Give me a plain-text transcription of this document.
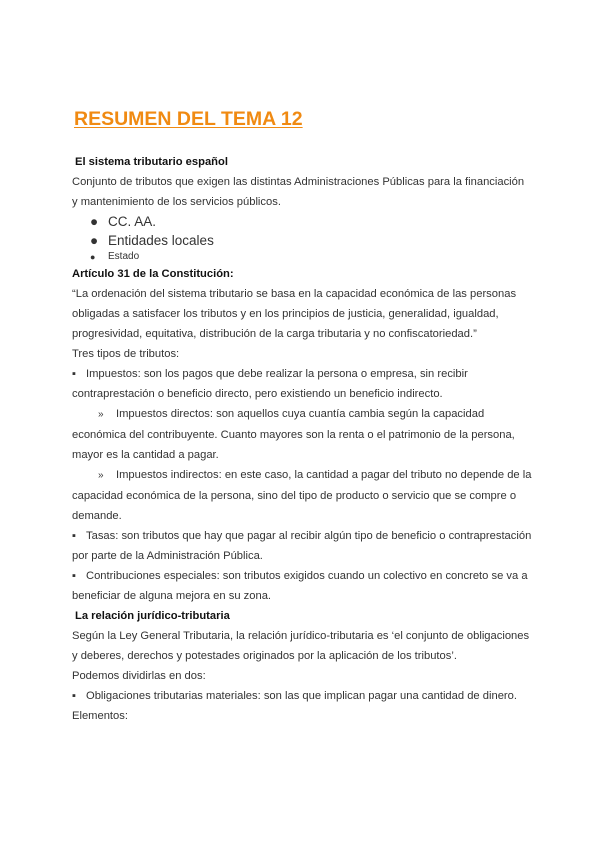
RESUMEN DEL TEMA 12

El sistema tributario español

Conjunto de tributos que exigen las distintas Administraciones Públicas para la financiación y mantenimiento de los servicios públicos.

● CC. AA.
● Entidades locales
● Estado

Artículo 31 de la Constitución:

“La ordenación del sistema tributario se basa en la capacidad económica de las personas obligadas a satisfacer los tributos y en los principios de justicia, generalidad, igualdad, progresividad, equitativa, distribución de la carga tributaria y no confiscatoriedad.”

Tres tipos de tributos:

▪ Impuestos: son los pagos que debe realizar la persona o empresa, sin recibir contraprestación o beneficio directo, pero existiendo un beneficio indirecto.

» Impuestos directos: son aquellos cuya cuantía cambia según la capacidad económica del contribuyente. Cuanto mayores son la renta o el patrimonio de la persona, mayor es la cantidad a pagar.

» Impuestos indirectos: en este caso, la cantidad a pagar del tributo no depende de la capacidad económica de la persona, sino del tipo de producto o servicio que se compre o demande.

▪ Tasas: son tributos que hay que pagar al recibir algún tipo de beneficio o contraprestación por parte de la Administración Pública.

▪ Contribuciones especiales: son tributos exigidos cuando un colectivo en concreto se va a beneficiar de alguna mejora en su zona.

La relación jurídico-tributaria

Según la Ley General Tributaria, la relación jurídico-tributaria es ‘el conjunto de obligaciones y deberes, derechos y potestades originados por la aplicación de los tributos’.

Podemos dividirlas en dos:

▪ Obligaciones tributarias materiales: son las que implican pagar una cantidad de dinero. Elementos:
